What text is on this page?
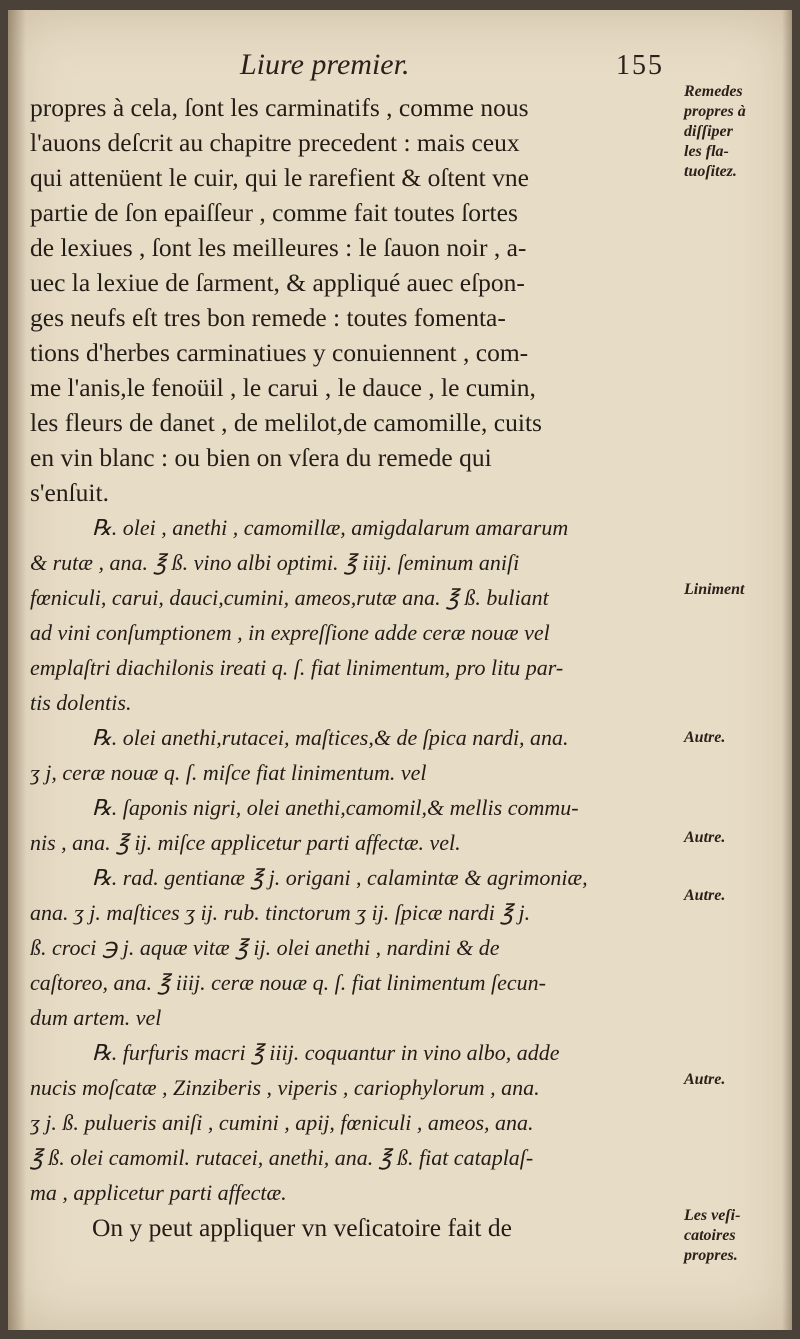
Liure premier.	155
propres à cela, ſont les carminatifs , comme nous
l'auons deſcrit au chapitre precedent : mais ceux
qui attenüent le cuir, qui le rarefient & oſtent vne
partie de ſon epaiſſeur , comme fait toutes ſortes
de lexiues , ſont les meilleures : le ſauon noir , a-
uec la lexiue de ſarment, & appliqué auec eſpon-
ges neufs eſt tres bon remede : toutes fomenta-
tions d'herbes carminatiues y conuiennent , com-
me l'anis,le fenoüil , le carui , le dauce , le cumin,
les fleurs de danet , de melilot,de camomille, cuits
en vin blanc : ou bien on vſera du remede qui
s'enſuit.
℞. olei , anethi , camomillæ, amigdalarum amararum
& rutæ , ana. ℥ ß. vino albi optimi. ℥ iiij. ſeminum aniſi
fœniculi, carui, dauci,cumini, ameos,rutæ ana. ℥ ß. buliant
ad vini conſumptionem , in expreſſione adde ceræ nouæ vel
emplaſtri diachilonis ireati q. ſ. fiat linimentum, pro litu par-
tis dolentis.
℞. olei anethi,rutacei, maſtices,& de ſpica nardi, ana.
ʒ j, ceræ nouæ q. ſ. miſce fiat linimentum. vel
℞. ſaponis nigri, olei anethi,camomil,& mellis commu-
nis , ana. ℥ ij. miſce applicetur parti affectæ. vel.
℞. rad. gentianæ ℥ j. origani , calamintæ & agrimoniæ,
ana. ʒ j. maſtices ʒ ij. rub. tinctorum ʒ ij. ſpicæ nardi ℥ j.
ß. croci ℈ j. aquæ vitæ ℥ ij. olei anethi , nardini & de
caſtoreo, ana. ℥ iiij. ceræ nouæ q. ſ. fiat linimentum ſecun-
dum artem. vel
℞. furfuris macri ℥ iiij. coquantur in vino albo, adde
nucis moſcatæ , Zinziberis , viperis , cariophylorum , ana.
ʒ j. ß. pulueris aniſi , cumini , apij, fœniculi , ameos, ana.
℥ ß. olei camomil. rutacei, anethi, ana. ℥ ß. fiat cataplaſ-
ma , applicetur parti affectæ.
On y peut appliquer vn veſicatoire fait de
Remedes
propres à
diſſiper
les fla-
tuoſitez.
Liniment
Autre.
Autre.
Autre.
Autre.
Les veſi-
catoires
propres.
